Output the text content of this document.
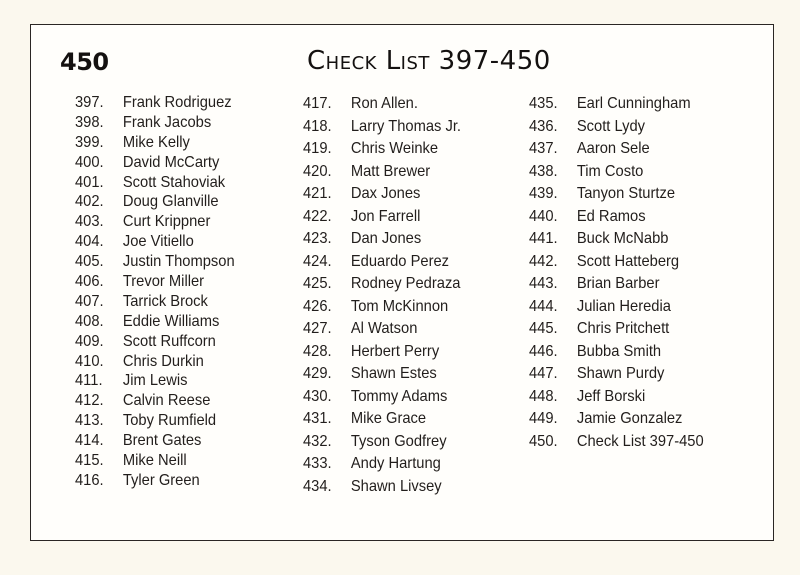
450	Check List 397-450
397.	Frank Rodriguez
398.	Frank Jacobs
399.	Mike Kelly
400.	David McCarty
401.	Scott Stahoviak
402.	Doug Glanville
403.	Curt Krippner
404.	Joe Vitiello
405.	Justin Thompson
406.	Trevor Miller
407.	Tarrick Brock
408.	Eddie Williams
409.	Scott Ruffcorn
410.	Chris Durkin
411.	Jim Lewis
412.	Calvin Reese
413.	Toby Rumfield
414.	Brent Gates
415.	Mike Neill
416.	Tyler Green
417.	Ron Allen.
418.	Larry Thomas Jr.
419.	Chris Weinke
420.	Matt Brewer
421.	Dax Jones
422.	Jon Farrell
423.	Dan Jones
424.	Eduardo Perez
425.	Rodney Pedraza
426.	Tom McKinnon
427.	Al Watson
428.	Herbert Perry
429.	Shawn Estes
430.	Tommy Adams
431.	Mike Grace
432.	Tyson Godfrey
433.	Andy Hartung
434.	Shawn Livsey
435.	Earl Cunningham
436.	Scott Lydy
437.	Aaron Sele
438.	Tim Costo
439.	Tanyon Sturtze
440.	Ed Ramos
441.	Buck McNabb
442.	Scott Hatteberg
443.	Brian Barber
444.	Julian Heredia
445.	Chris Pritchett
446.	Bubba Smith
447.	Shawn Purdy
448.	Jeff Borski
449.	Jamie Gonzalez
450.	Check List 397-450
